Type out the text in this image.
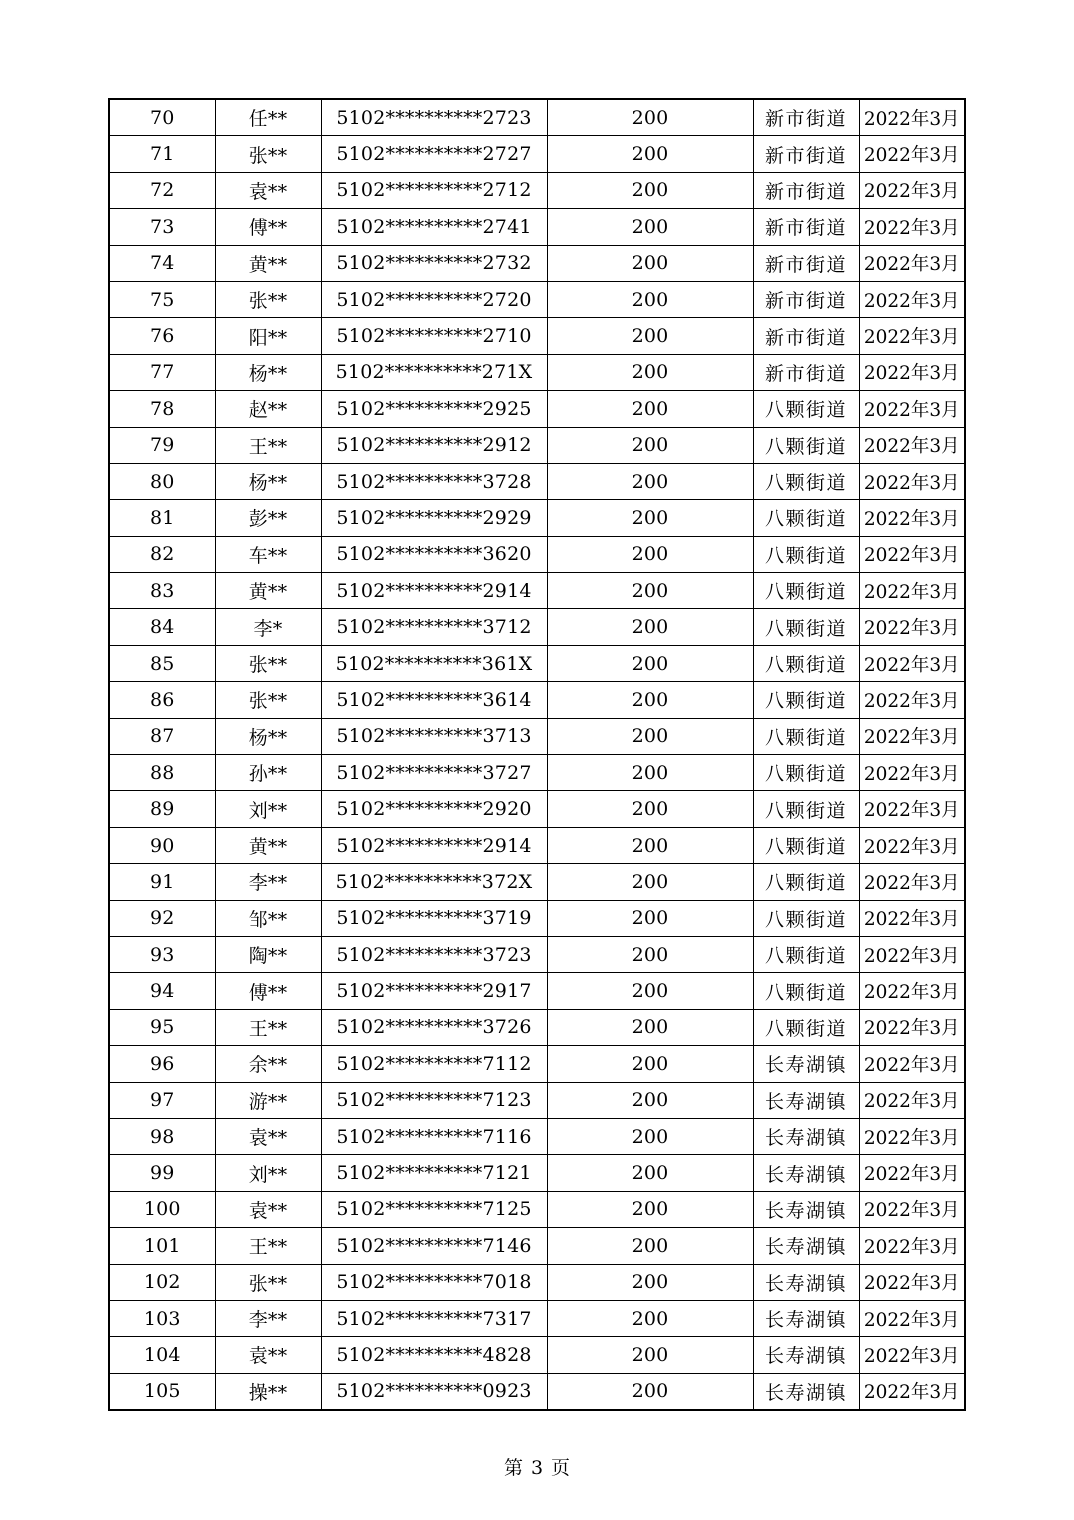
70	任**	5102**********2723	200	新市街道	2022年3月
71	张**	5102**********2727	200	新市街道	2022年3月
72	袁**	5102**********2712	200	新市街道	2022年3月
73	傅**	5102**********2741	200	新市街道	2022年3月
74	黄**	5102**********2732	200	新市街道	2022年3月
75	张**	5102**********2720	200	新市街道	2022年3月
76	阳**	5102**********2710	200	新市街道	2022年3月
77	杨**	5102**********271X	200	新市街道	2022年3月
78	赵**	5102**********2925	200	八颗街道	2022年3月
79	王**	5102**********2912	200	八颗街道	2022年3月
80	杨**	5102**********3728	200	八颗街道	2022年3月
81	彭**	5102**********2929	200	八颗街道	2022年3月
82	车**	5102**********3620	200	八颗街道	2022年3月
83	黄**	5102**********2914	200	八颗街道	2022年3月
84	李*	5102**********3712	200	八颗街道	2022年3月
85	张**	5102**********361X	200	八颗街道	2022年3月
86	张**	5102**********3614	200	八颗街道	2022年3月
87	杨**	5102**********3713	200	八颗街道	2022年3月
88	孙**	5102**********3727	200	八颗街道	2022年3月
89	刘**	5102**********2920	200	八颗街道	2022年3月
90	黄**	5102**********2914	200	八颗街道	2022年3月
91	李**	5102**********372X	200	八颗街道	2022年3月
92	邹**	5102**********3719	200	八颗街道	2022年3月
93	陶**	5102**********3723	200	八颗街道	2022年3月
94	傅**	5102**********2917	200	八颗街道	2022年3月
95	王**	5102**********3726	200	八颗街道	2022年3月
96	余**	5102**********7112	200	长寿湖镇	2022年3月
97	游**	5102**********7123	200	长寿湖镇	2022年3月
98	袁**	5102**********7116	200	长寿湖镇	2022年3月
99	刘**	5102**********7121	200	长寿湖镇	2022年3月
100	袁**	5102**********7125	200	长寿湖镇	2022年3月
101	王**	5102**********7146	200	长寿湖镇	2022年3月
102	张**	5102**********7018	200	长寿湖镇	2022年3月
103	李**	5102**********7317	200	长寿湖镇	2022年3月
104	袁**	5102**********4828	200	长寿湖镇	2022年3月
105	操**	5102**********0923	200	长寿湖镇	2022年3月
第 3 页
